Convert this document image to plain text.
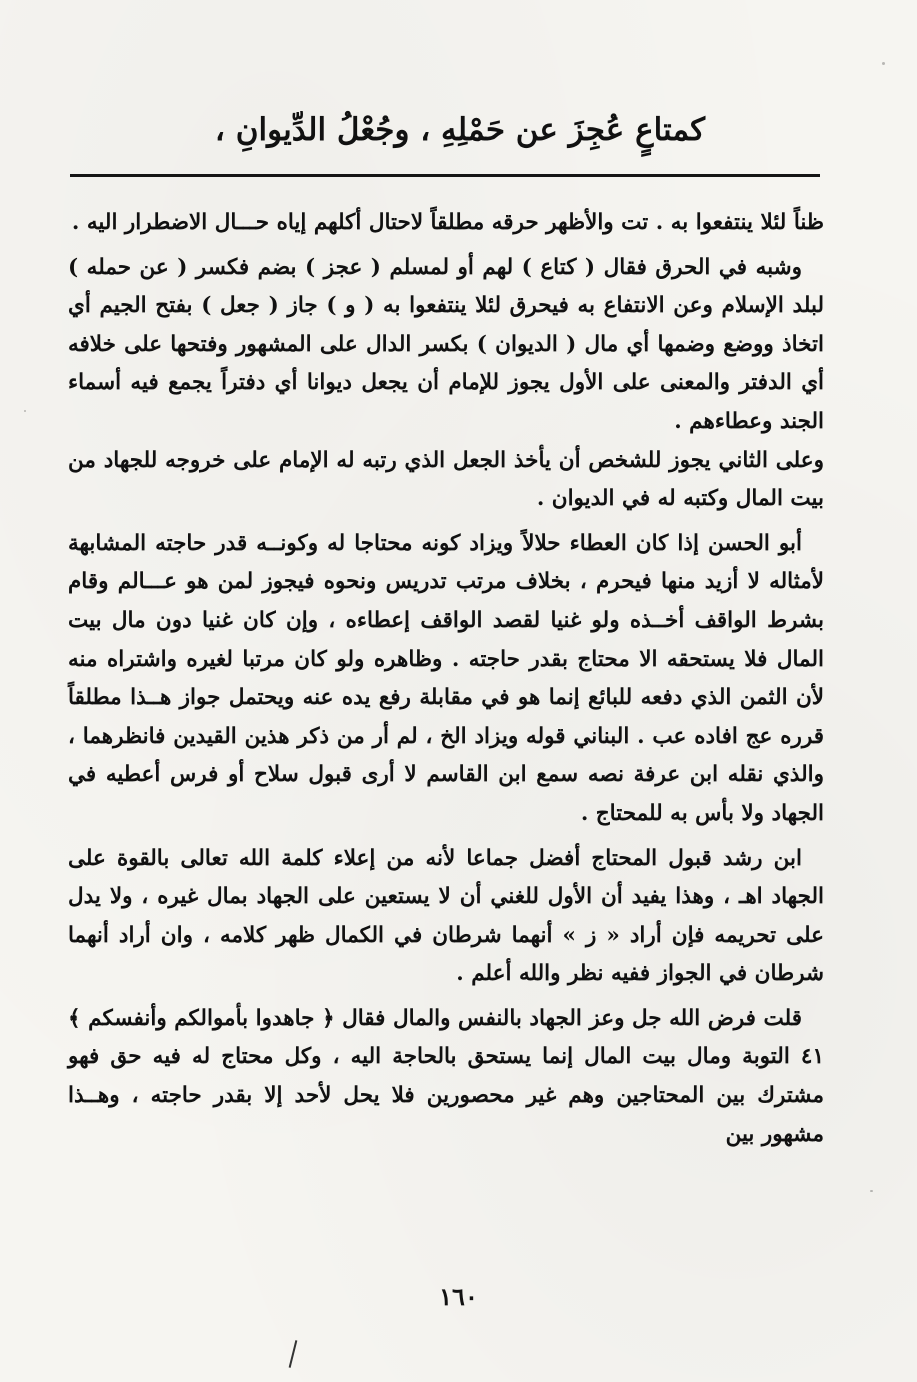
كمتاعٍ عُجِزَ عن حَمْلِهِ ، وجُعْلُ الدِّيوانِ ،

ظناً لئلا ينتفعوا به . تت والأظهر حرقه مطلقاً لاحتال أكلهم إياه حـــال الاضطرار اليه .

وشبه في الحرق فقال ( كتاع ) لهم أو لمسلم ( عجز ) بضم فكسر ( عن حمله ) لبلد الإسلام وعن الانتفاع به فيحرق لئلا ينتفعوا به ( و ) جاز ( جعل ) بفتح الجيم أي اتخاذ ووضع وضمها أي مال ( الديوان ) بكسر الدال على المشهور وفتحها على خلافه أي الدفتر والمعنى على الأول يجوز للإمام أن يجعل ديوانا أي دفتراً يجمع فيه أسماء الجند وعطاءهم .

وعلى الثاني يجوز للشخص أن يأخذ الجعل الذي رتبه له الإمام على خروجه للجهاد من بيت المال وكتبه له في الديوان .

أبو الحسن إذا كان العطاء حلالاً ويزاد كونه محتاجا له وكونــه قدر حاجته المشابهة لأمثاله لا أزيد منها فيحرم ، بخلاف مرتب تدريس ونحوه فيجوز لمن هو عـــالم وقام بشرط الواقف أخــذه ولو غنيا لقصد الواقف إعطاءه ، وإن كان غنيا دون مال بيت المال فلا يستحقه الا محتاج بقدر حاجته . وظاهره ولو كان مرتبا لغيره واشتراه منه لأن الثمن الذي دفعه للبائع إنما هو في مقابلة رفع يده عنه ويحتمل جواز هــذا مطلقاً قرره عج افاده عب . البناني قوله ويزاد الخ ، لم أر من ذكر هذين القيدين فانظرهما ، والذي نقله ابن عرفة نصه سمع ابن القاسم لا أرى قبول سلاح أو فرس أعطيه في الجهاد ولا بأس به للمحتاج .

ابن رشد قبول المحتاج أفضل جماعا لأنه من إعلاء كلمة الله تعالى بالقوة على الجهاد اهـ ، وهذا يفيد أن الأول للغني أن لا يستعين على الجهاد بمال غيره ، ولا يدل على تحريمه فإن أراد « ز » أنهما شرطان في الكمال ظهر كلامه ، وان أراد أنهما شرطان في الجواز ففيه نظر والله أعلم .

قلت فرض الله جل وعز الجهاد بالنفس والمال فقال ﴿ جاهدوا بأموالكم وأنفسكم ﴾ ٤١ التوبة ومال بيت المال إنما يستحق بالحاجة اليه ، وكل محتاج له فيه حق فهو مشترك بين المحتاجين وهم غير محصورين فلا يحل لأحد إلا بقدر حاجته ، وهــذا مشهور بين

١٦٠
